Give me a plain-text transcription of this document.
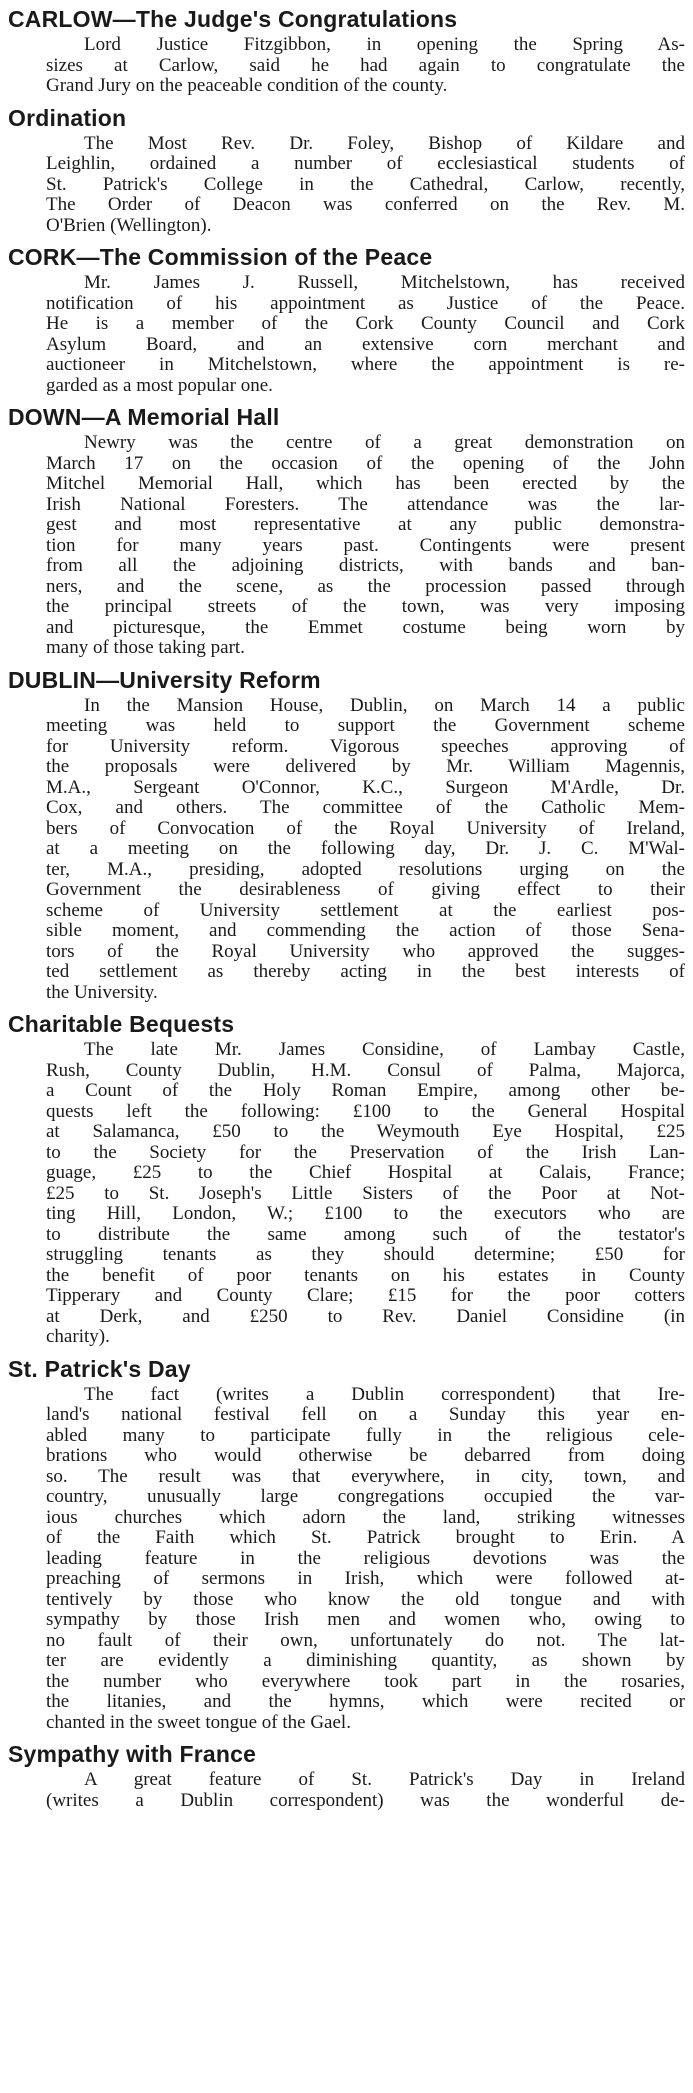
CARLOW—The Judge's Congratulations

Lord Justice Fitzgibbon, in opening the Spring As-
sizes at Carlow, said he had again to congratulate the
Grand Jury on the peaceable condition of the county.

Ordination

The Most Rev. Dr. Foley, Bishop of Kildare and
Leighlin, ordained a number of ecclesiastical students of
St. Patrick's College in the Cathedral, Carlow, recently,
The Order of Deacon was conferred on the Rev. M.
O'Brien (Wellington).

CORK—The Commission of the Peace

Mr. James J. Russell, Mitchelstown, has received
notification of his appointment as Justice of the Peace.
He is a member of the Cork County Council and Cork
Asylum Board, and an extensive corn merchant and
auctioneer in Mitchelstown, where the appointment is re-
garded as a most popular one.

DOWN—A Memorial Hall

Newry was the centre of a great demonstration on
March 17 on the occasion of the opening of the John
Mitchel Memorial Hall, which has been erected by the
Irish National Foresters. The attendance was the lar-
gest and most representative at any public demonstra-
tion for many years past. Contingents were present
from all the adjoining districts, with bands and ban-
ners, and the scene, as the procession passed through
the principal streets of the town, was very imposing
and picturesque, the Emmet costume being worn by
many of those taking part.

DUBLIN—University Reform

In the Mansion House, Dublin, on March 14 a public
meeting was held to support the Government scheme
for University reform. Vigorous speeches approving of
the proposals were delivered by Mr. William Magennis,
M.A., Sergeant O'Connor, K.C., Surgeon M'Ardle, Dr.
Cox, and others. The committee of the Catholic Mem-
bers of Convocation of the Royal University of Ireland,
at a meeting on the following day, Dr. J. C. M'Wal-
ter, M.A., presiding, adopted resolutions urging on the
Government the desirableness of giving effect to their
scheme of University settlement at the earliest pos-
sible moment, and commending the action of those Sena-
tors of the Royal University who approved the sugges-
ted settlement as thereby acting in the best interests of
the University.

Charitable Bequests

The late Mr. James Considine, of Lambay Castle,
Rush, County Dublin, H.M. Consul of Palma, Majorca,
a Count of the Holy Roman Empire, among other be-
quests left the following: £100 to the General Hospital
at Salamanca, £50 to the Weymouth Eye Hospital, £25
to the Society for the Preservation of the Irish Lan-
guage, £25 to the Chief Hospital at Calais, France;
£25 to St. Joseph's Little Sisters of the Poor at Not-
ting Hill, London, W.; £100 to the executors who are
to distribute the same among such of the testator's
struggling tenants as they should determine; £50 for
the benefit of poor tenants on his estates in County
Tipperary and County Clare; £15 for the poor cotters
at Derk, and £250 to Rev. Daniel Considine (in
charity).

St. Patrick's Day

The fact (writes a Dublin correspondent) that Ire-
land's national festival fell on a Sunday this year en-
abled many to participate fully in the religious cele-
brations who would otherwise be debarred from doing
so. The result was that everywhere, in city, town, and
country, unusually large congregations occupied the var-
ious churches which adorn the land, striking witnesses
of the Faith which St. Patrick brought to Erin. A
leading feature in the religious devotions was the
preaching of sermons in Irish, which were followed at-
tentively by those who know the old tongue and with
sympathy by those Irish men and women who, owing to
no fault of their own, unfortunately do not. The lat-
ter are evidently a diminishing quantity, as shown by
the number who everywhere took part in the rosaries,
the litanies, and the hymns, which were recited or
chanted in the sweet tongue of the Gael.

Sympathy with France

A great feature of St. Patrick's Day in Ireland
(writes a Dublin correspondent) was the wonderful de-
